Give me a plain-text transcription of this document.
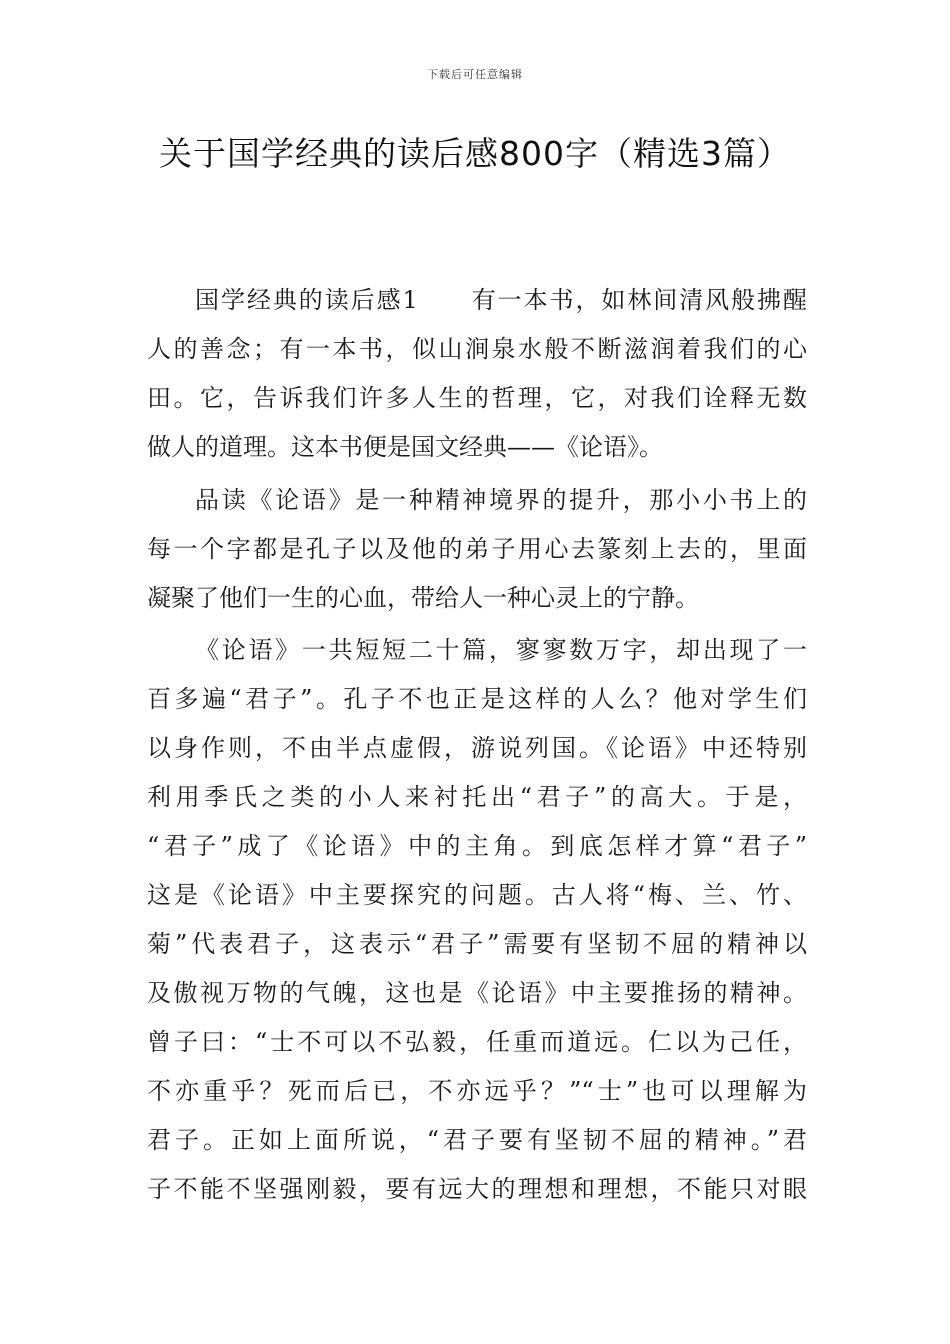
下载后可任意编辑
关于国学经典的读后感800字（精选3篇）
国学经典的读后感1 有一本书，如林间清风般拂醒
人的善念；有一本书，似山涧泉水般不断滋润着我们的心
田。它，告诉我们许多人生的哲理，它，对我们诠释无数
做人的道理。这本书便是国文经典——《论语》。
品读《论语》是一种精神境界的提升，那小小书上的
每一个字都是孔子以及他的弟子用心去篆刻上去的，里面
凝聚了他们一生的心血，带给人一种心灵上的宁静。
《论语》一共短短二十篇，寥寥数万字，却出现了一
百多遍“君子”。孔子不也正是这样的人么？他对学生们
以身作则，不由半点虚假，游说列国。《论语》中还特别
利用季氏之类的小人来衬托出“君子”的高大。于是，
“君子”成了《论语》中的主角。到底怎样才算“君子”
这是《论语》中主要探究的问题。古人将“梅、兰、竹、
菊”代表君子，这表示“君子”需要有坚韧不屈的精神以
及傲视万物的气魄，这也是《论语》中主要推扬的精神。
曾子曰：“士不可以不弘毅，任重而道远。仁以为己任，
不亦重乎？死而后已，不亦远乎？”“士”也可以理解为
君子。正如上面所说，“君子要有坚韧不屈的精神。”君
子不能不坚强刚毅，要有远大的理想和理想，不能只对眼
